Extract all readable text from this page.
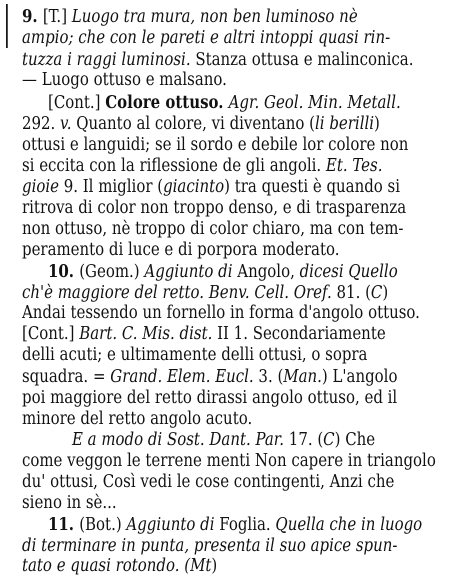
9. [T.] Luogo tra mura, non ben luminoso nè
ampio; che con le pareti e altri intoppi quasi rin-
tuzza i raggi luminosi. Stanza ottusa e malinconica.
— Luogo ottuso e malsano.
[Cont.] Colore ottuso. Agr. Geol. Min. Metall.
292. v. Quanto al colore, vi diventano (li berilli)
ottusi e languidi; se il sordo e debile lor colore non
si eccita con la riflessione de gli angoli. Et. Tes.
gioie 9. Il miglior (giacinto) tra questi è quando si
ritrova di color non troppo denso, e di trasparenza
non ottuso, nè troppo di color chiaro, ma con tem-
peramento di luce e di porpora moderato.
10. (Geom.) Aggiunto di Angolo, dicesi Quello
ch'è maggiore del retto. Benv. Cell. Oref. 81. (C)
Andai tessendo un fornello in forma d'angolo ottuso.
[Cont.] Bart. C. Mis. dist. II 1. Secondariamente
delli acuti; e ultimamente delli ottusi, o sopra
squadra. = Grand. Elem. Eucl. 3. (Man.) L'angolo
poi maggiore del retto dirassi angolo ottuso, ed il
minore del retto angolo acuto.
E a modo di Sost. Dant. Par. 17. (C) Che
come veggon le terrene menti Non capere in triangolo
du' ottusi, Così vedi le cose contingenti, Anzi che
sieno in sè...
11. (Bot.) Aggiunto di Foglia. Quella che in luogo
di terminare in punta, presenta il suo apice spun-
tato e quasi rotondo. (Mt)
